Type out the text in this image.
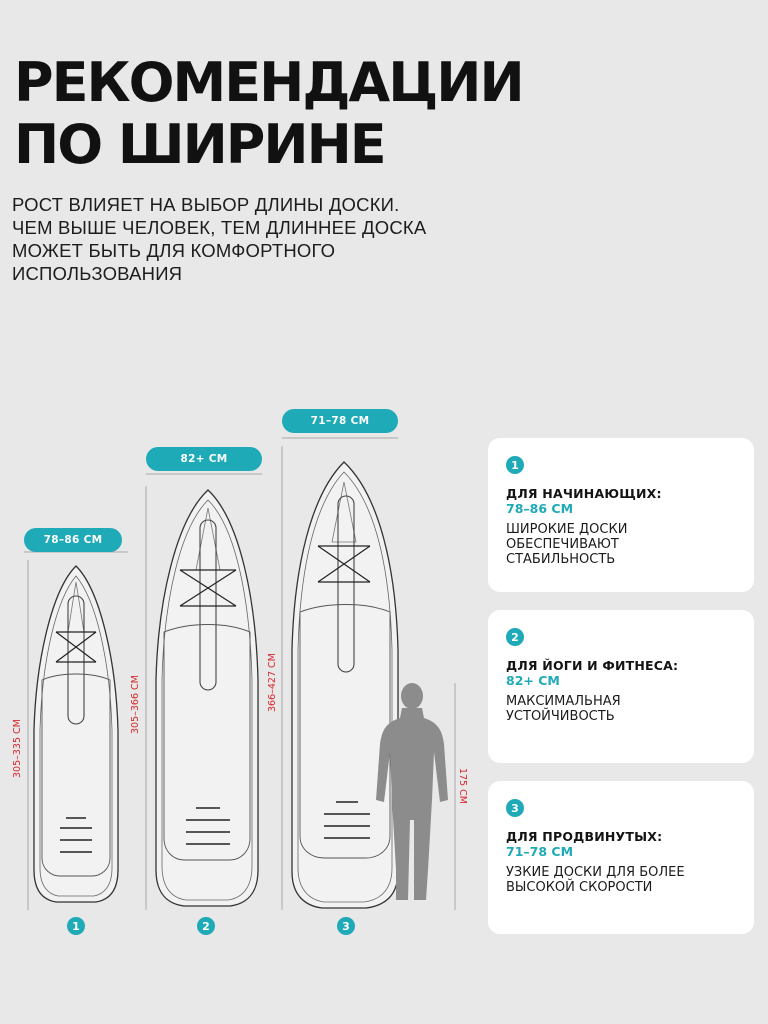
РЕКОМЕНДАЦИИ
ПО ШИРИНЕ
РОСТ ВЛИЯЕТ НА ВЫБОР ДЛИНЫ ДОСКИ.
ЧЕМ ВЫШЕ ЧЕЛОВЕК, ТЕМ ДЛИННЕЕ ДОСКА
МОЖЕТ БЫТЬ ДЛЯ КОМФОРТНОГО
ИСПОЛЬЗОВАНИЯ
78–86 СМ
82+ СМ
71–78 СМ
305–335 СМ
305–366 СМ	366–427 СМ
175 СМ
1	2	3
1
ДЛЯ НАЧИНАЮЩИХ:
78–86 СМ
ШИРОКИЕ ДОСКИ
ОБЕСПЕЧИВАЮТ
СТАБИЛЬНОСТЬ
2
ДЛЯ ЙОГИ И ФИТНЕСА:
82+ СМ
МАКСИМАЛЬНАЯ
УСТОЙЧИВОСТЬ
3
ДЛЯ ПРОДВИНУТЫХ:
71–78 СМ
УЗКИЕ ДОСКИ ДЛЯ БОЛЕЕ
ВЫСОКОЙ СКОРОСТИ
